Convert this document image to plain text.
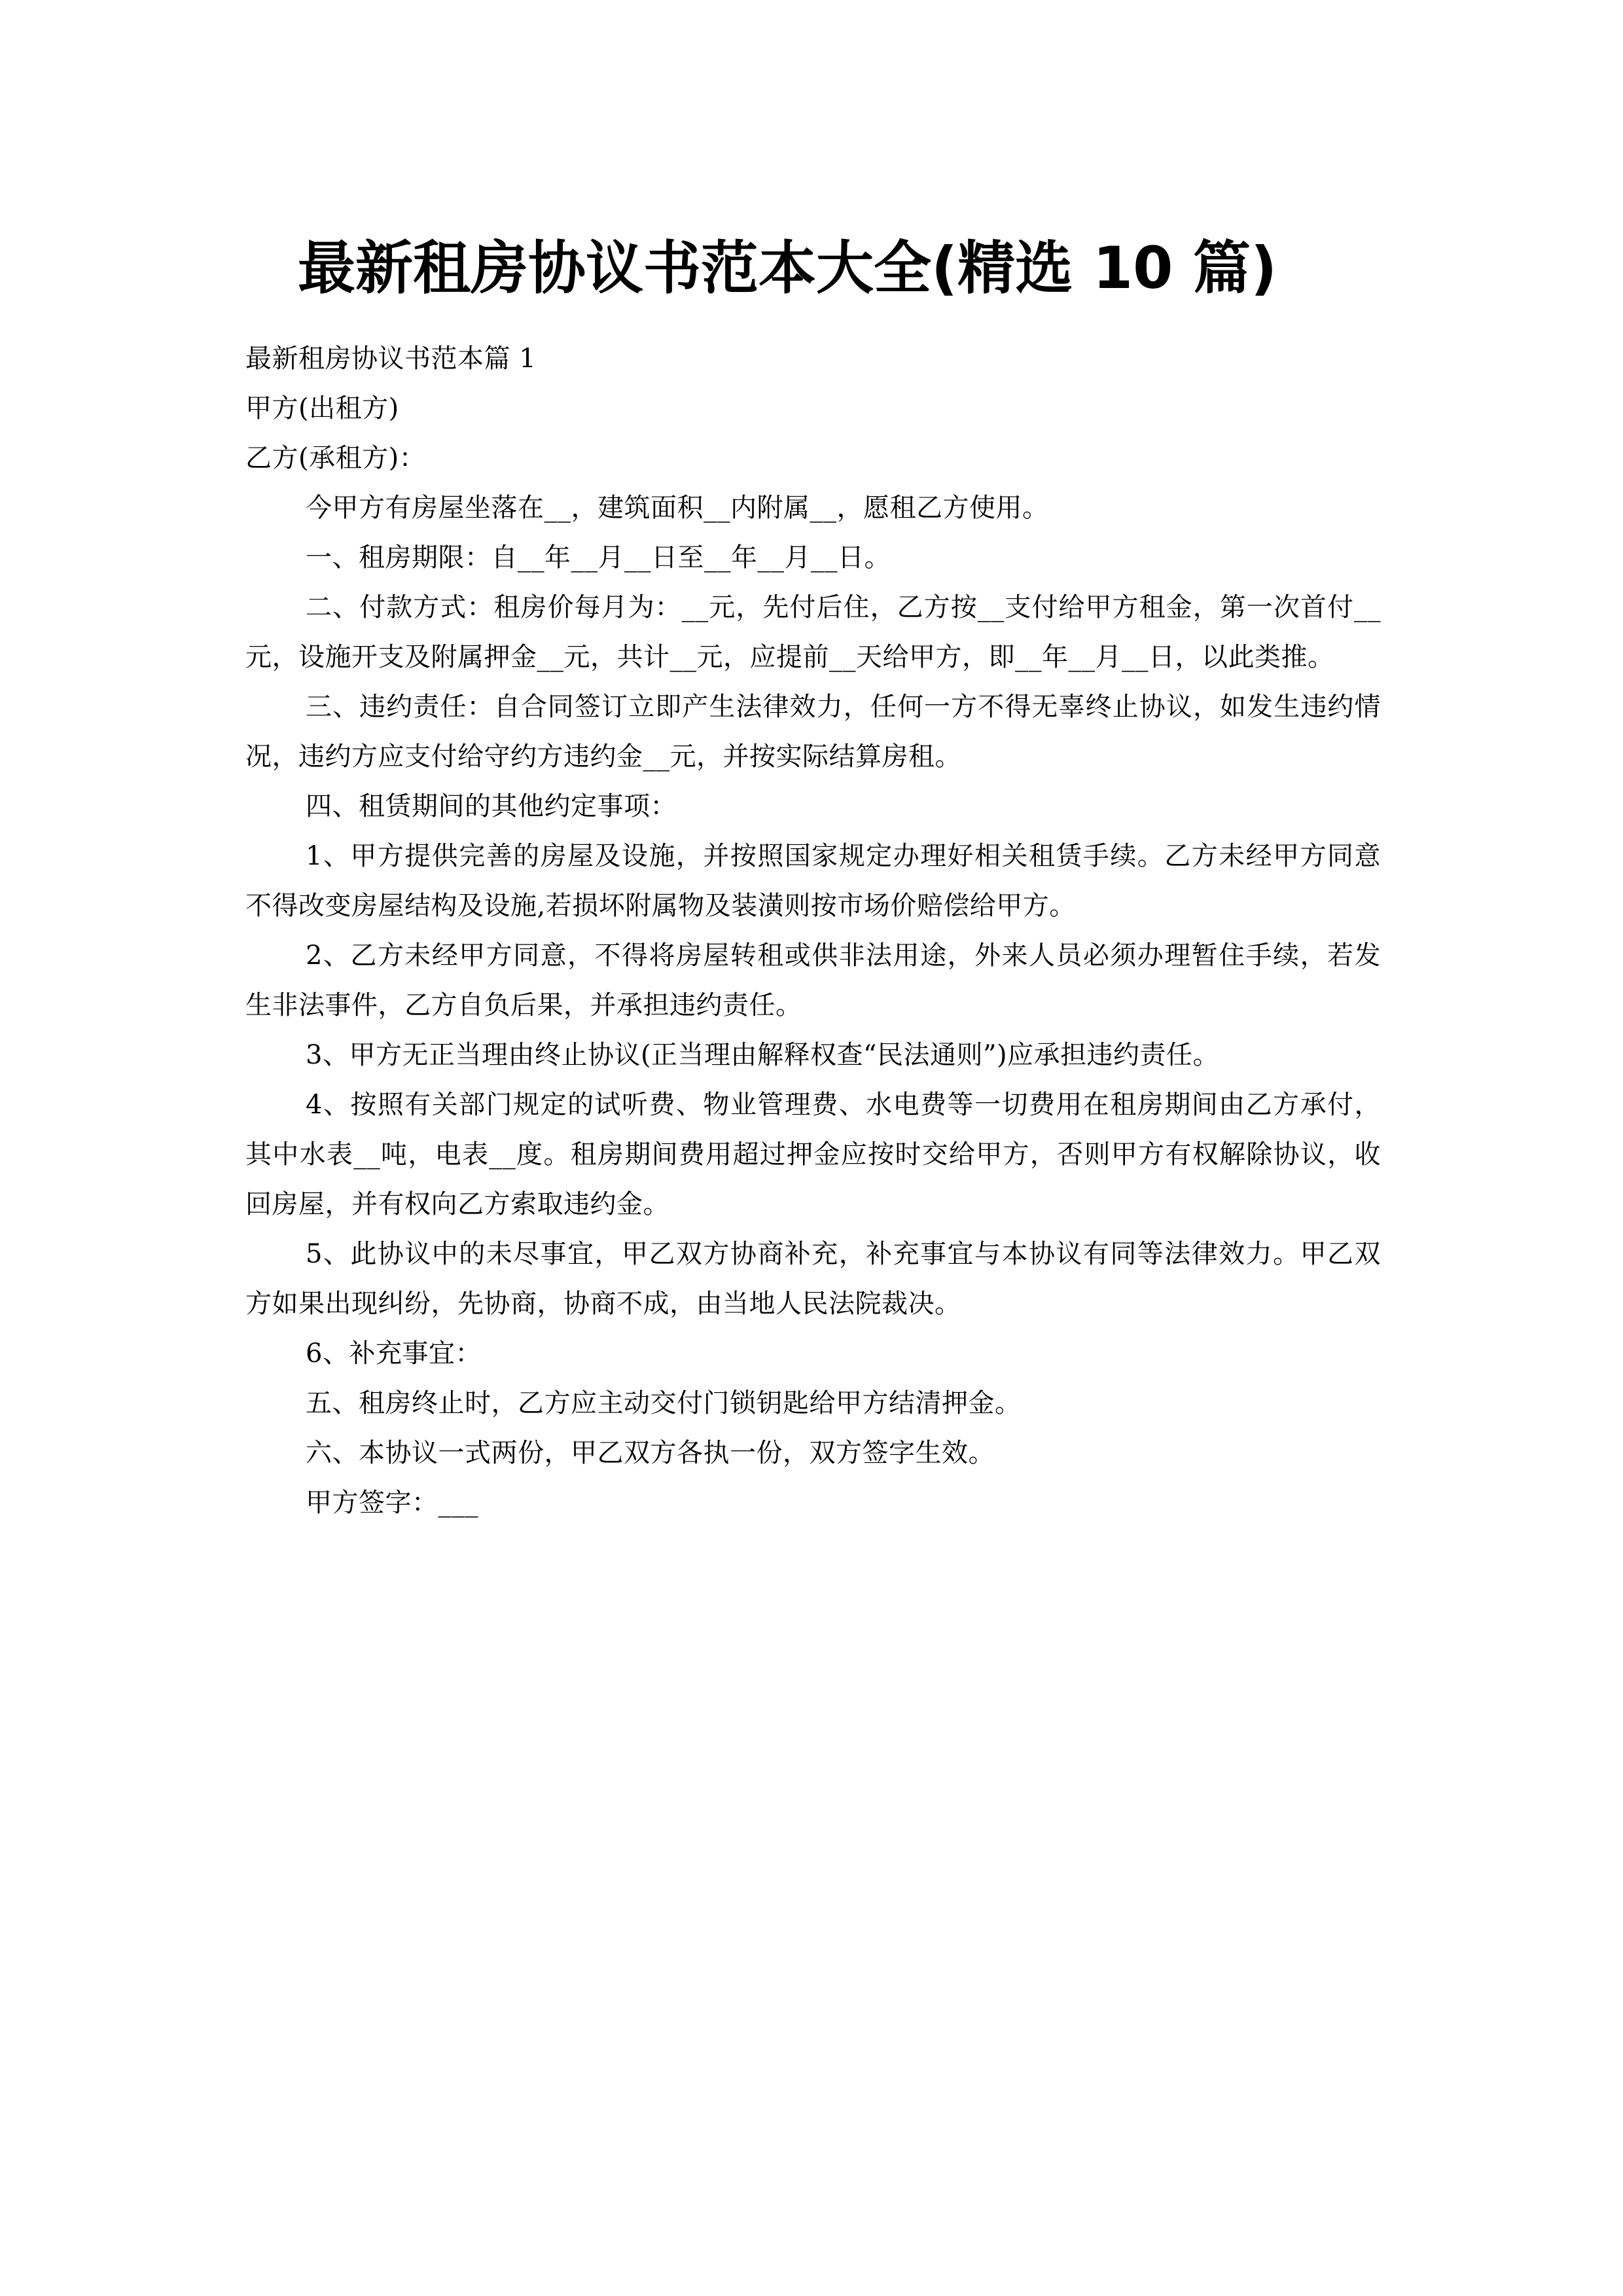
最新租房协议书范本大全(精选 10 篇)

最新租房协议书范本篇 1

甲方(出租方)

乙方(承租方)：

今甲方有房屋坐落在__，建筑面积__内附属__，愿租乙方使用。

一、租房期限：自__年__月__日至__年__月__日。

二、付款方式：租房价每月为：__元，先付后住，乙方按__支付给甲方租金，第一次首付__元，设施开支及附属押金__元，共计__元，应提前__天给甲方，即__年__月__日，以此类推。

三、违约责任：自合同签订立即产生法律效力，任何一方不得无辜终止协议，如发生违约情况，违约方应支付给守约方违约金__元，并按实际结算房租。

四、租赁期间的其他约定事项：

1、甲方提供完善的房屋及设施，并按照国家规定办理好相关租赁手续。乙方未经甲方同意不得改变房屋结构及设施,若损坏附属物及装潢则按市场价赔偿给甲方。

2、乙方未经甲方同意，不得将房屋转租或供非法用途，外来人员必须办理暂住手续，若发生非法事件，乙方自负后果，并承担违约责任。

3、甲方无正当理由终止协议(正当理由解释权查“民法通则”)应承担违约责任。

4、按照有关部门规定的试听费、物业管理费、水电费等一切费用在租房期间由乙方承付，其中水表__吨，电表__度。租房期间费用超过押金应按时交给甲方，否则甲方有权解除协议，收回房屋，并有权向乙方索取违约金。

5、此协议中的未尽事宜，甲乙双方协商补充，补充事宜与本协议有同等法律效力。甲乙双方如果出现纠纷，先协商，协商不成，由当地人民法院裁决。

6、补充事宜：

五、租房终止时，乙方应主动交付门锁钥匙给甲方结清押金。

六、本协议一式两份，甲乙双方各执一份，双方签字生效。

甲方签字：___
